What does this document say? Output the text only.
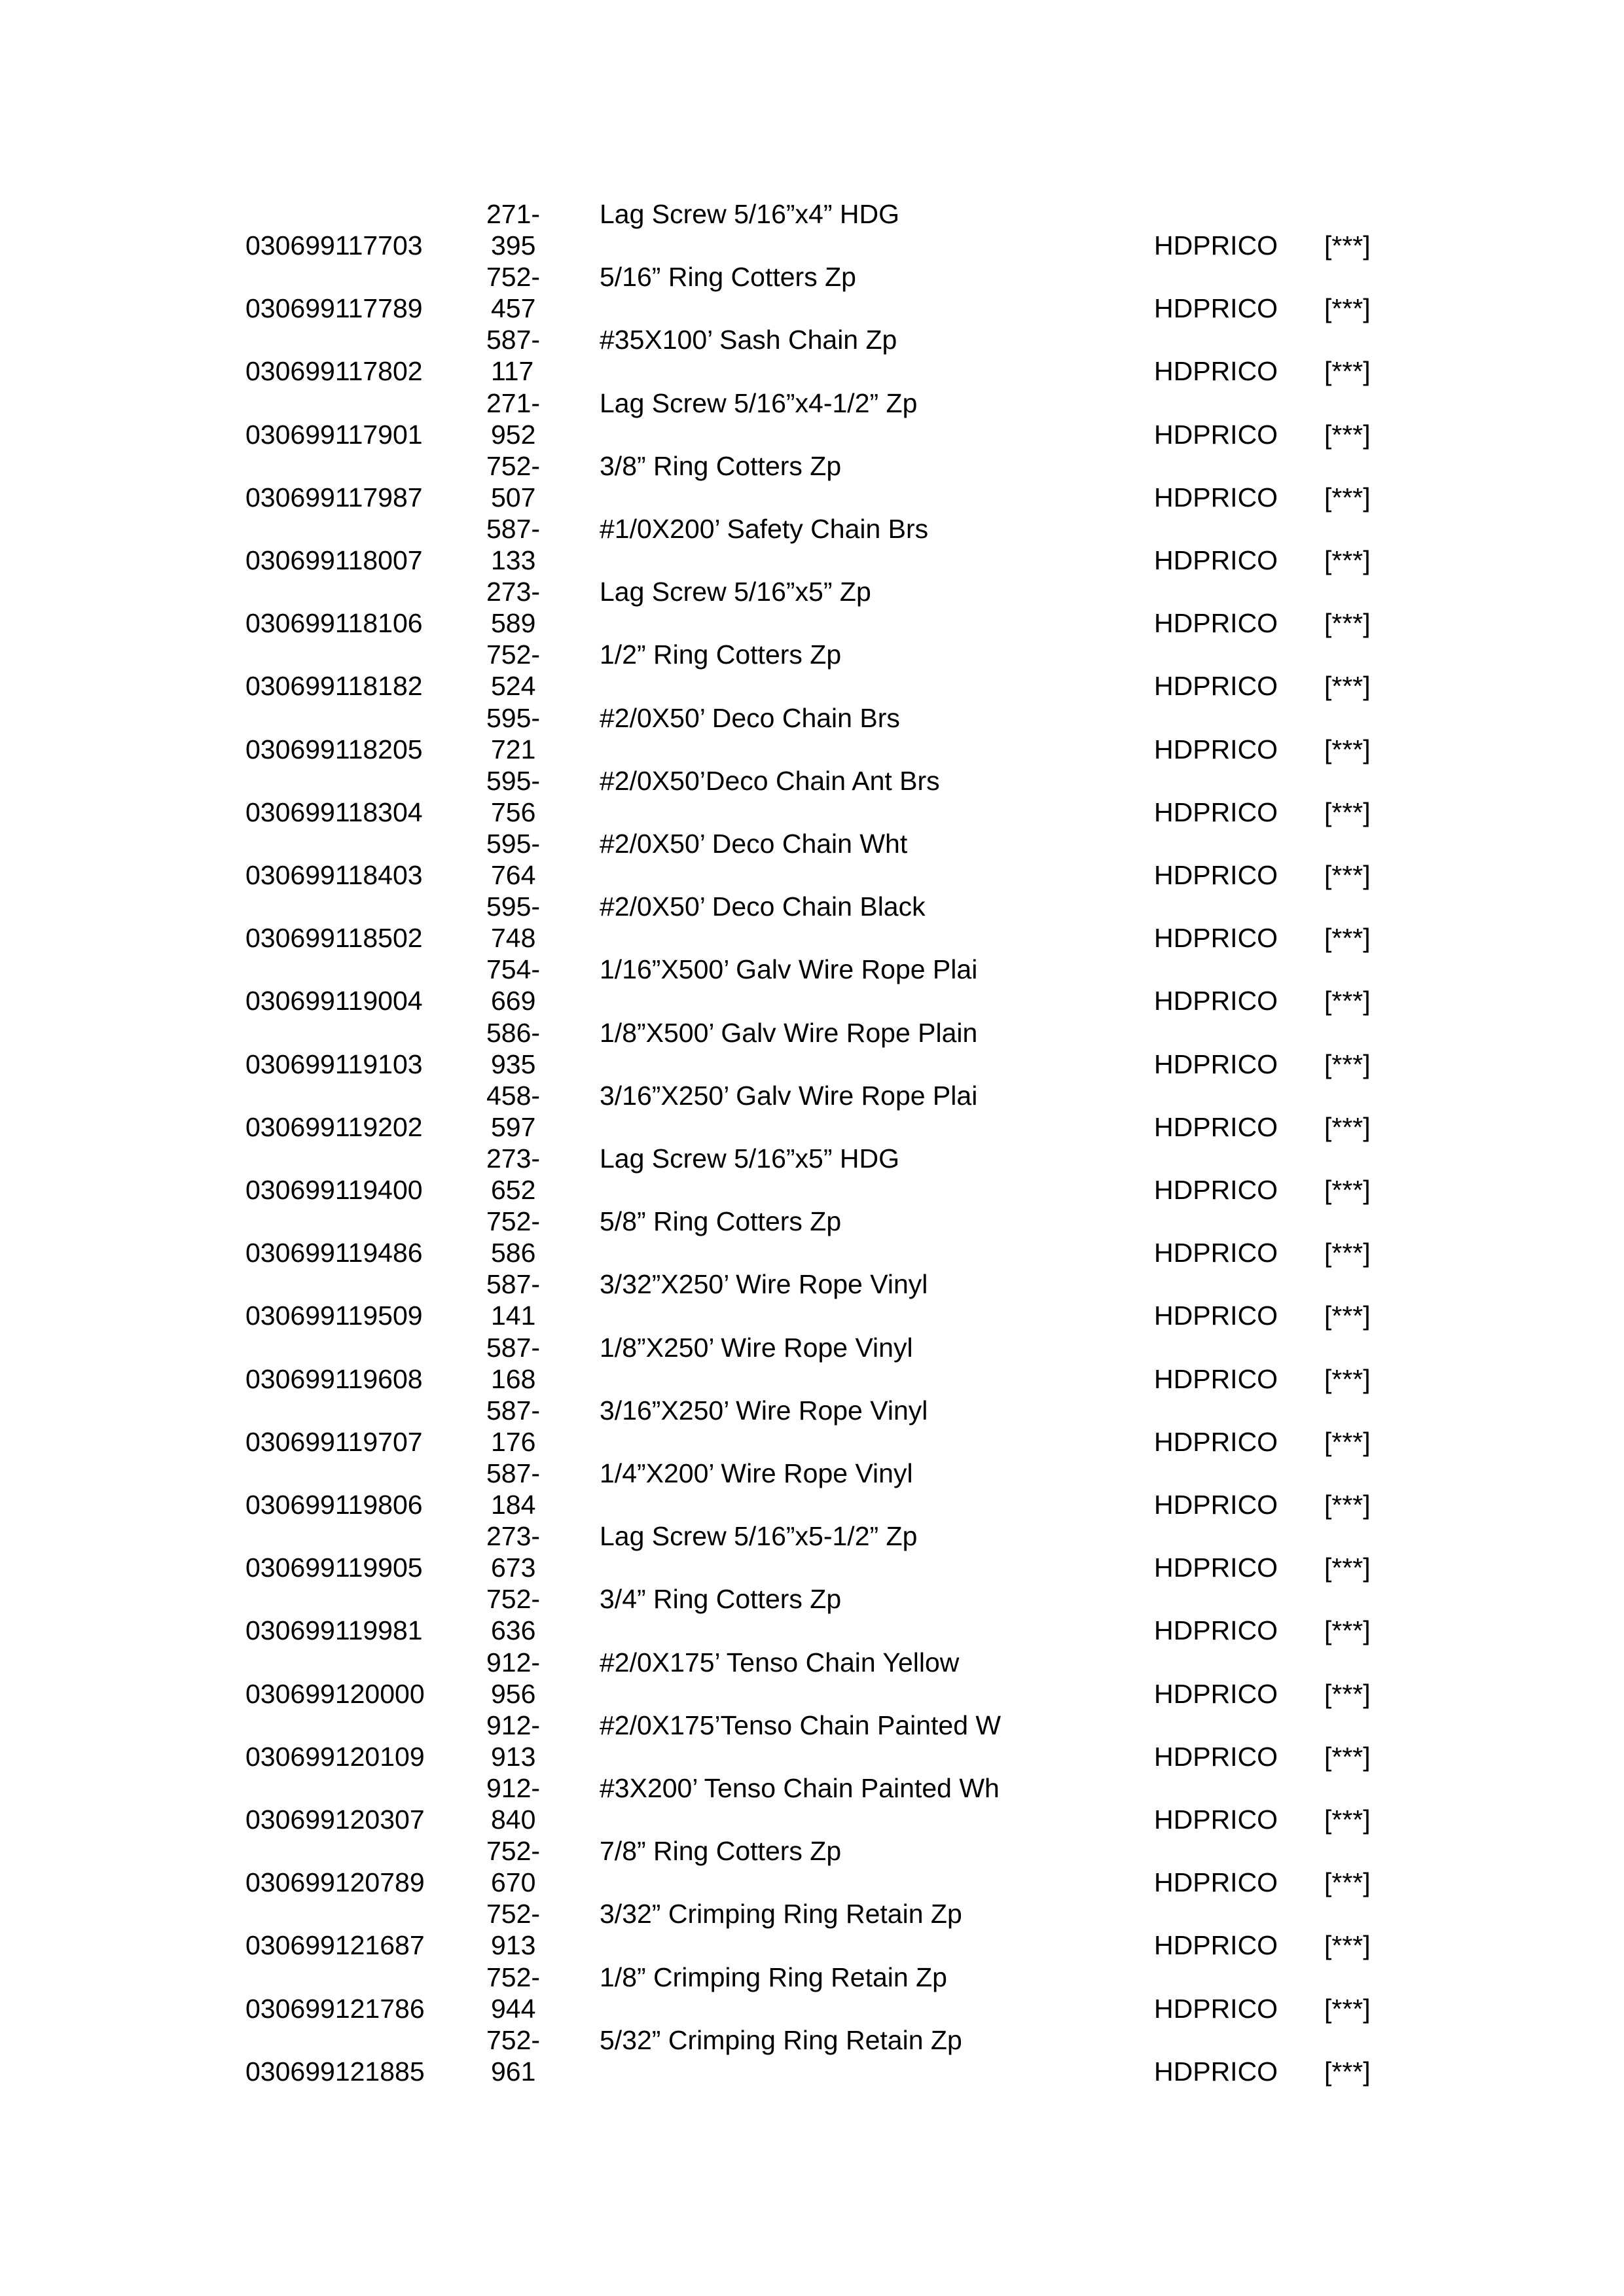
271-
395
030699117703
Lag Screw 5/16”x4” HDG
HDPRICO [***]
752-
457
030699117789
5/16” Ring Cotters Zp
HDPRICO [***]
587-
117
030699117802
#35X100’ Sash Chain Zp
HDPRICO [***]
271-
952
030699117901
Lag Screw 5/16”x4-1/2” Zp
HDPRICO [***]
752-
507
030699117987
3/8” Ring Cotters Zp
HDPRICO [***]
587-
133
030699118007
#1/0X200’ Safety Chain Brs
HDPRICO [***]
273-
589
030699118106
Lag Screw 5/16”x5” Zp
HDPRICO [***]
752-
524
030699118182
1/2” Ring Cotters Zp
HDPRICO [***]
595-
721
030699118205
#2/0X50’ Deco Chain Brs
HDPRICO [***]
595-
756
030699118304
#2/0X50’Deco Chain Ant Brs
HDPRICO [***]
595-
764
030699118403
#2/0X50’ Deco Chain Wht
HDPRICO [***]
595-
748
030699118502
#2/0X50’ Deco Chain Black
HDPRICO [***]
754-
669
030699119004
1/16”X500’ Galv Wire Rope Plai
HDPRICO [***]
586-
935
030699119103
1/8”X500’ Galv Wire Rope Plain
HDPRICO [***]
458-
597
030699119202
3/16”X250’ Galv Wire Rope Plai
HDPRICO [***]
273-
652
030699119400
Lag Screw 5/16”x5” HDG
HDPRICO [***]
752-
586
030699119486
5/8” Ring Cotters Zp
HDPRICO [***]
587-
141
030699119509
3/32”X250’ Wire Rope Vinyl
HDPRICO [***]
587-
168
030699119608
1/8”X250’ Wire Rope Vinyl
HDPRICO [***]
587-
176
030699119707
3/16”X250’ Wire Rope Vinyl
HDPRICO [***]
587-
184
030699119806
1/4”X200’ Wire Rope Vinyl
HDPRICO [***]
273-
673
030699119905
Lag Screw 5/16”x5-1/2” Zp
HDPRICO [***]
752-
636
030699119981
3/4” Ring Cotters Zp
HDPRICO [***]
912-
956
030699120000
#2/0X175’ Tenso Chain Yellow
HDPRICO [***]
912-
913
030699120109
#2/0X175’Tenso Chain Painted W
HDPRICO [***]
912-
840
030699120307
#3X200’ Tenso Chain Painted Wh
HDPRICO [***]
752-
670
030699120789
7/8” Ring Cotters Zp
HDPRICO [***]
752-
913
030699121687
3/32” Crimping Ring Retain Zp
HDPRICO [***]
752-
944
030699121786
1/8” Crimping Ring Retain Zp
HDPRICO [***]
752-
961
030699121885
5/32” Crimping Ring Retain Zp
HDPRICO [***]
